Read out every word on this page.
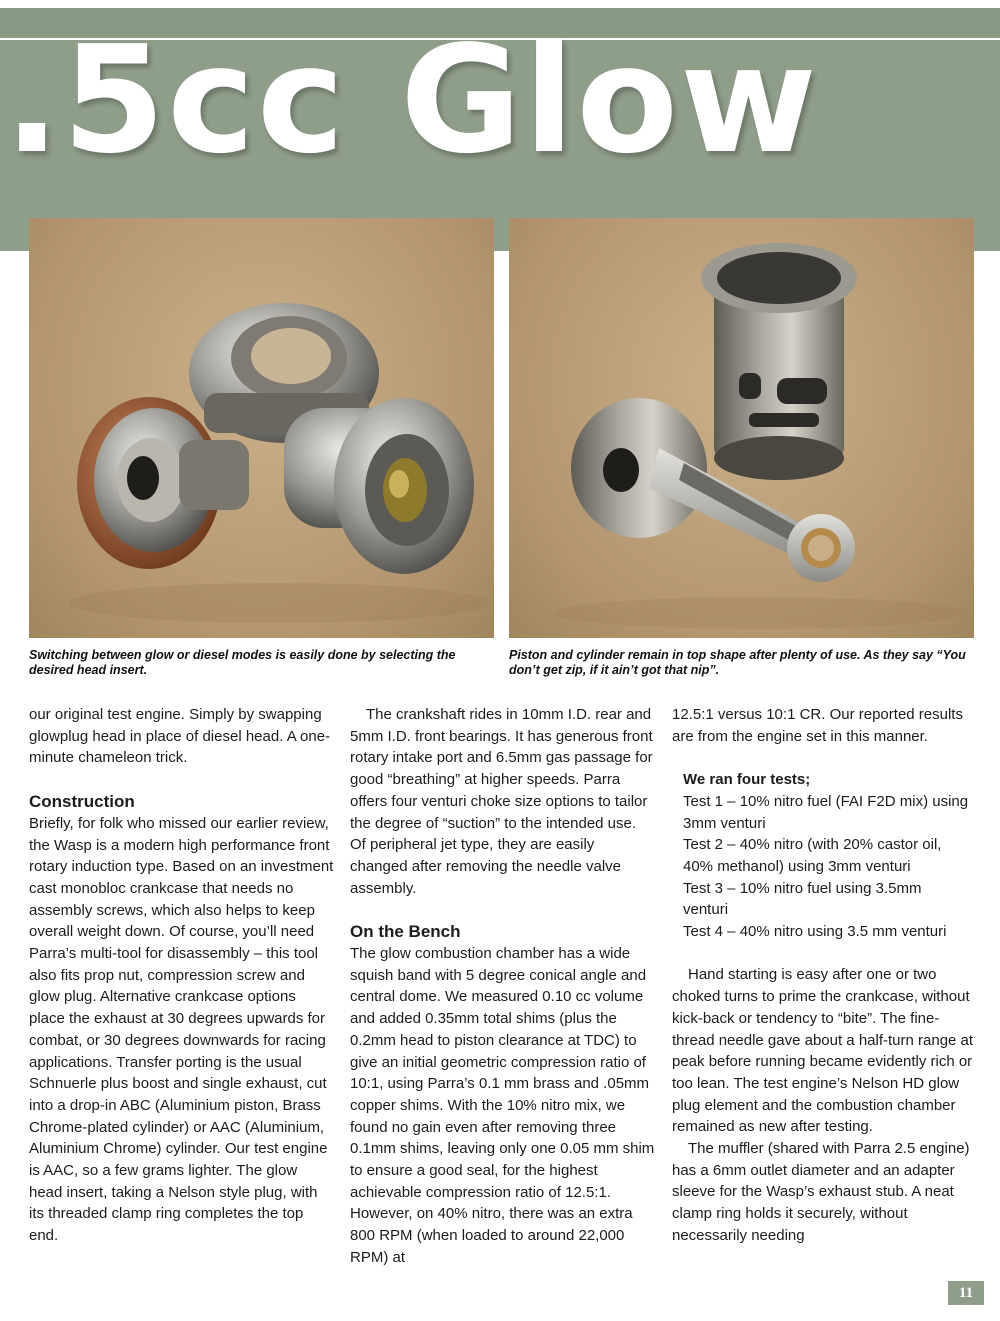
.5cc Glow

Switching between glow or diesel modes is easily done by selecting the desired head insert.

Piston and cylinder remain in top shape after plenty of use. As they say “You don’t get zip, if it ain’t got that nip”.

our original test engine. Simply by swapping glowplug head in place of diesel head. A one-minute chameleon trick.

Construction

Briefly, for folk who missed our earlier review, the Wasp is a modern high performance front rotary induction type. Based on an investment cast monobloc crankcase that needs no assembly screws, which also helps to keep overall weight down. Of course, you’ll need Parra’s multi-tool for disassembly – this tool also fits prop nut, compression screw and glow plug. Alternative crankcase options place the exhaust at 30 degrees upwards for combat, or 30 degrees downwards for racing applications. Transfer porting is the usual Schnuerle plus boost and single exhaust, cut into a drop-in ABC (Aluminium piston, Brass Chrome-plated cylinder) or AAC (Aluminium, Aluminium Chrome) cylinder. Our test engine is AAC, so a few grams lighter. The glow head insert, taking a Nelson style plug, with its threaded clamp ring completes the top end.

The crankshaft rides in 10mm I.D. rear and 5mm I.D. front bearings. It has generous front rotary intake port and 6.5mm gas passage for good “breathing” at higher speeds. Parra offers four venturi choke size options to tailor the degree of “suction” to the intended use. Of peripheral jet type, they are easily changed after removing the needle valve assembly.

On the Bench

The glow combustion chamber has a wide squish band with 5 degree conical angle and central dome. We measured 0.10 cc volume and added 0.35mm total shims (plus the 0.2mm head to piston clearance at TDC) to give an initial geometric compression ratio of 10:1, using Parra’s 0.1 mm brass and .05mm copper shims. With the 10% nitro mix, we found no gain even after removing three 0.1mm shims, leaving only one 0.05 mm shim to ensure a good seal, for the highest achievable compression ratio of 12.5:1. However, on 40% nitro, there was an extra 800 RPM (when loaded to around 22,000 RPM) at

12.5:1 versus 10:1 CR. Our reported results are from the engine set in this manner.

We ran four tests;

Test 1 – 10% nitro fuel (FAI F2D mix) using
3mm venturi
Test 2 – 40% nitro (with 20% castor oil,
40% methanol) using 3mm venturi
Test 3 – 10% nitro fuel using 3.5mm
venturi
Test 4 – 40% nitro using 3.5 mm venturi

Hand starting is easy after one or two choked turns to prime the crankcase, without kick-back or tendency to “bite”. The fine-thread needle gave about a half-turn range at peak before running became evidently rich or too lean. The test engine’s Nelson HD glow plug element and the combustion chamber remained as new after testing.

The muffler (shared with Parra 2.5 engine) has a 6mm outlet diameter and an adapter sleeve for the Wasp’s exhaust stub. A neat clamp ring holds it securely, without necessarily needing

11
